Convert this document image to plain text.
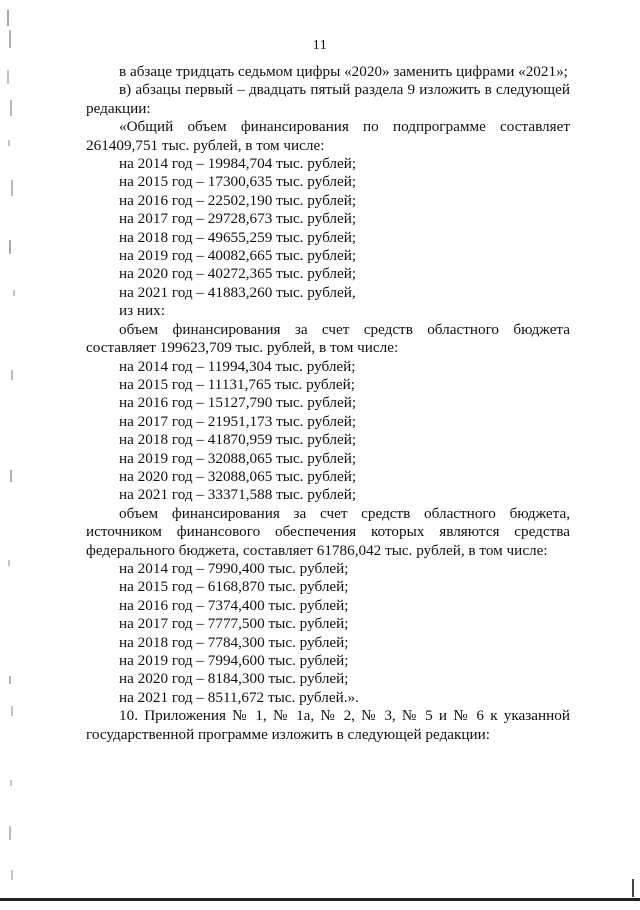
11

в абзаце тридцать седьмом цифры «2020» заменить цифрами «2021»;

в) абзацы первый – двадцать пятый раздела 9 изложить в следующей

редакции:

«Общий объем финансирования по подпрограмме составляет

261409,751 тыс. рублей, в том числе:

на 2014 год – 19984,704 тыс. рублей;

на 2015 год – 17300,635 тыс. рублей;

на 2016 год – 22502,190 тыс. рублей;

на 2017 год – 29728,673 тыс. рублей;

на 2018 год – 49655,259 тыс. рублей;

на 2019 год – 40082,665 тыс. рублей;

на 2020 год – 40272,365 тыс. рублей;

на 2021 год – 41883,260 тыс. рублей,

из них:

объем финансирования за счет средств областного бюджета

составляет 199623,709 тыс. рублей, в том числе:

на 2014 год – 11994,304 тыс. рублей;

на 2015 год – 11131,765 тыс. рублей;

на 2016 год – 15127,790 тыс. рублей;

на 2017 год – 21951,173 тыс. рублей;

на 2018 год – 41870,959 тыс. рублей;

на 2019 год – 32088,065 тыс. рублей;

на 2020 год – 32088,065 тыс. рублей;

на 2021 год – 33371,588 тыс. рублей;

объем финансирования за счет средств областного бюджета,

источником финансового обеспечения которых являются средства

федерального бюджета, составляет 61786,042 тыс. рублей, в том числе:

на 2014 год – 7990,400 тыс. рублей;

на 2015 год – 6168,870 тыс. рублей;

на 2016 год – 7374,400 тыс. рублей;

на 2017 год – 7777,500 тыс. рублей;

на 2018 год – 7784,300 тыс. рублей;

на 2019 год – 7994,600 тыс. рублей;

на 2020 год – 8184,300 тыс. рублей;

на 2021 год – 8511,672 тыс. рублей.».

10. Приложения № 1, № 1а, № 2, № 3, № 5 и № 6 к указанной

государственной программе изложить в следующей редакции:
